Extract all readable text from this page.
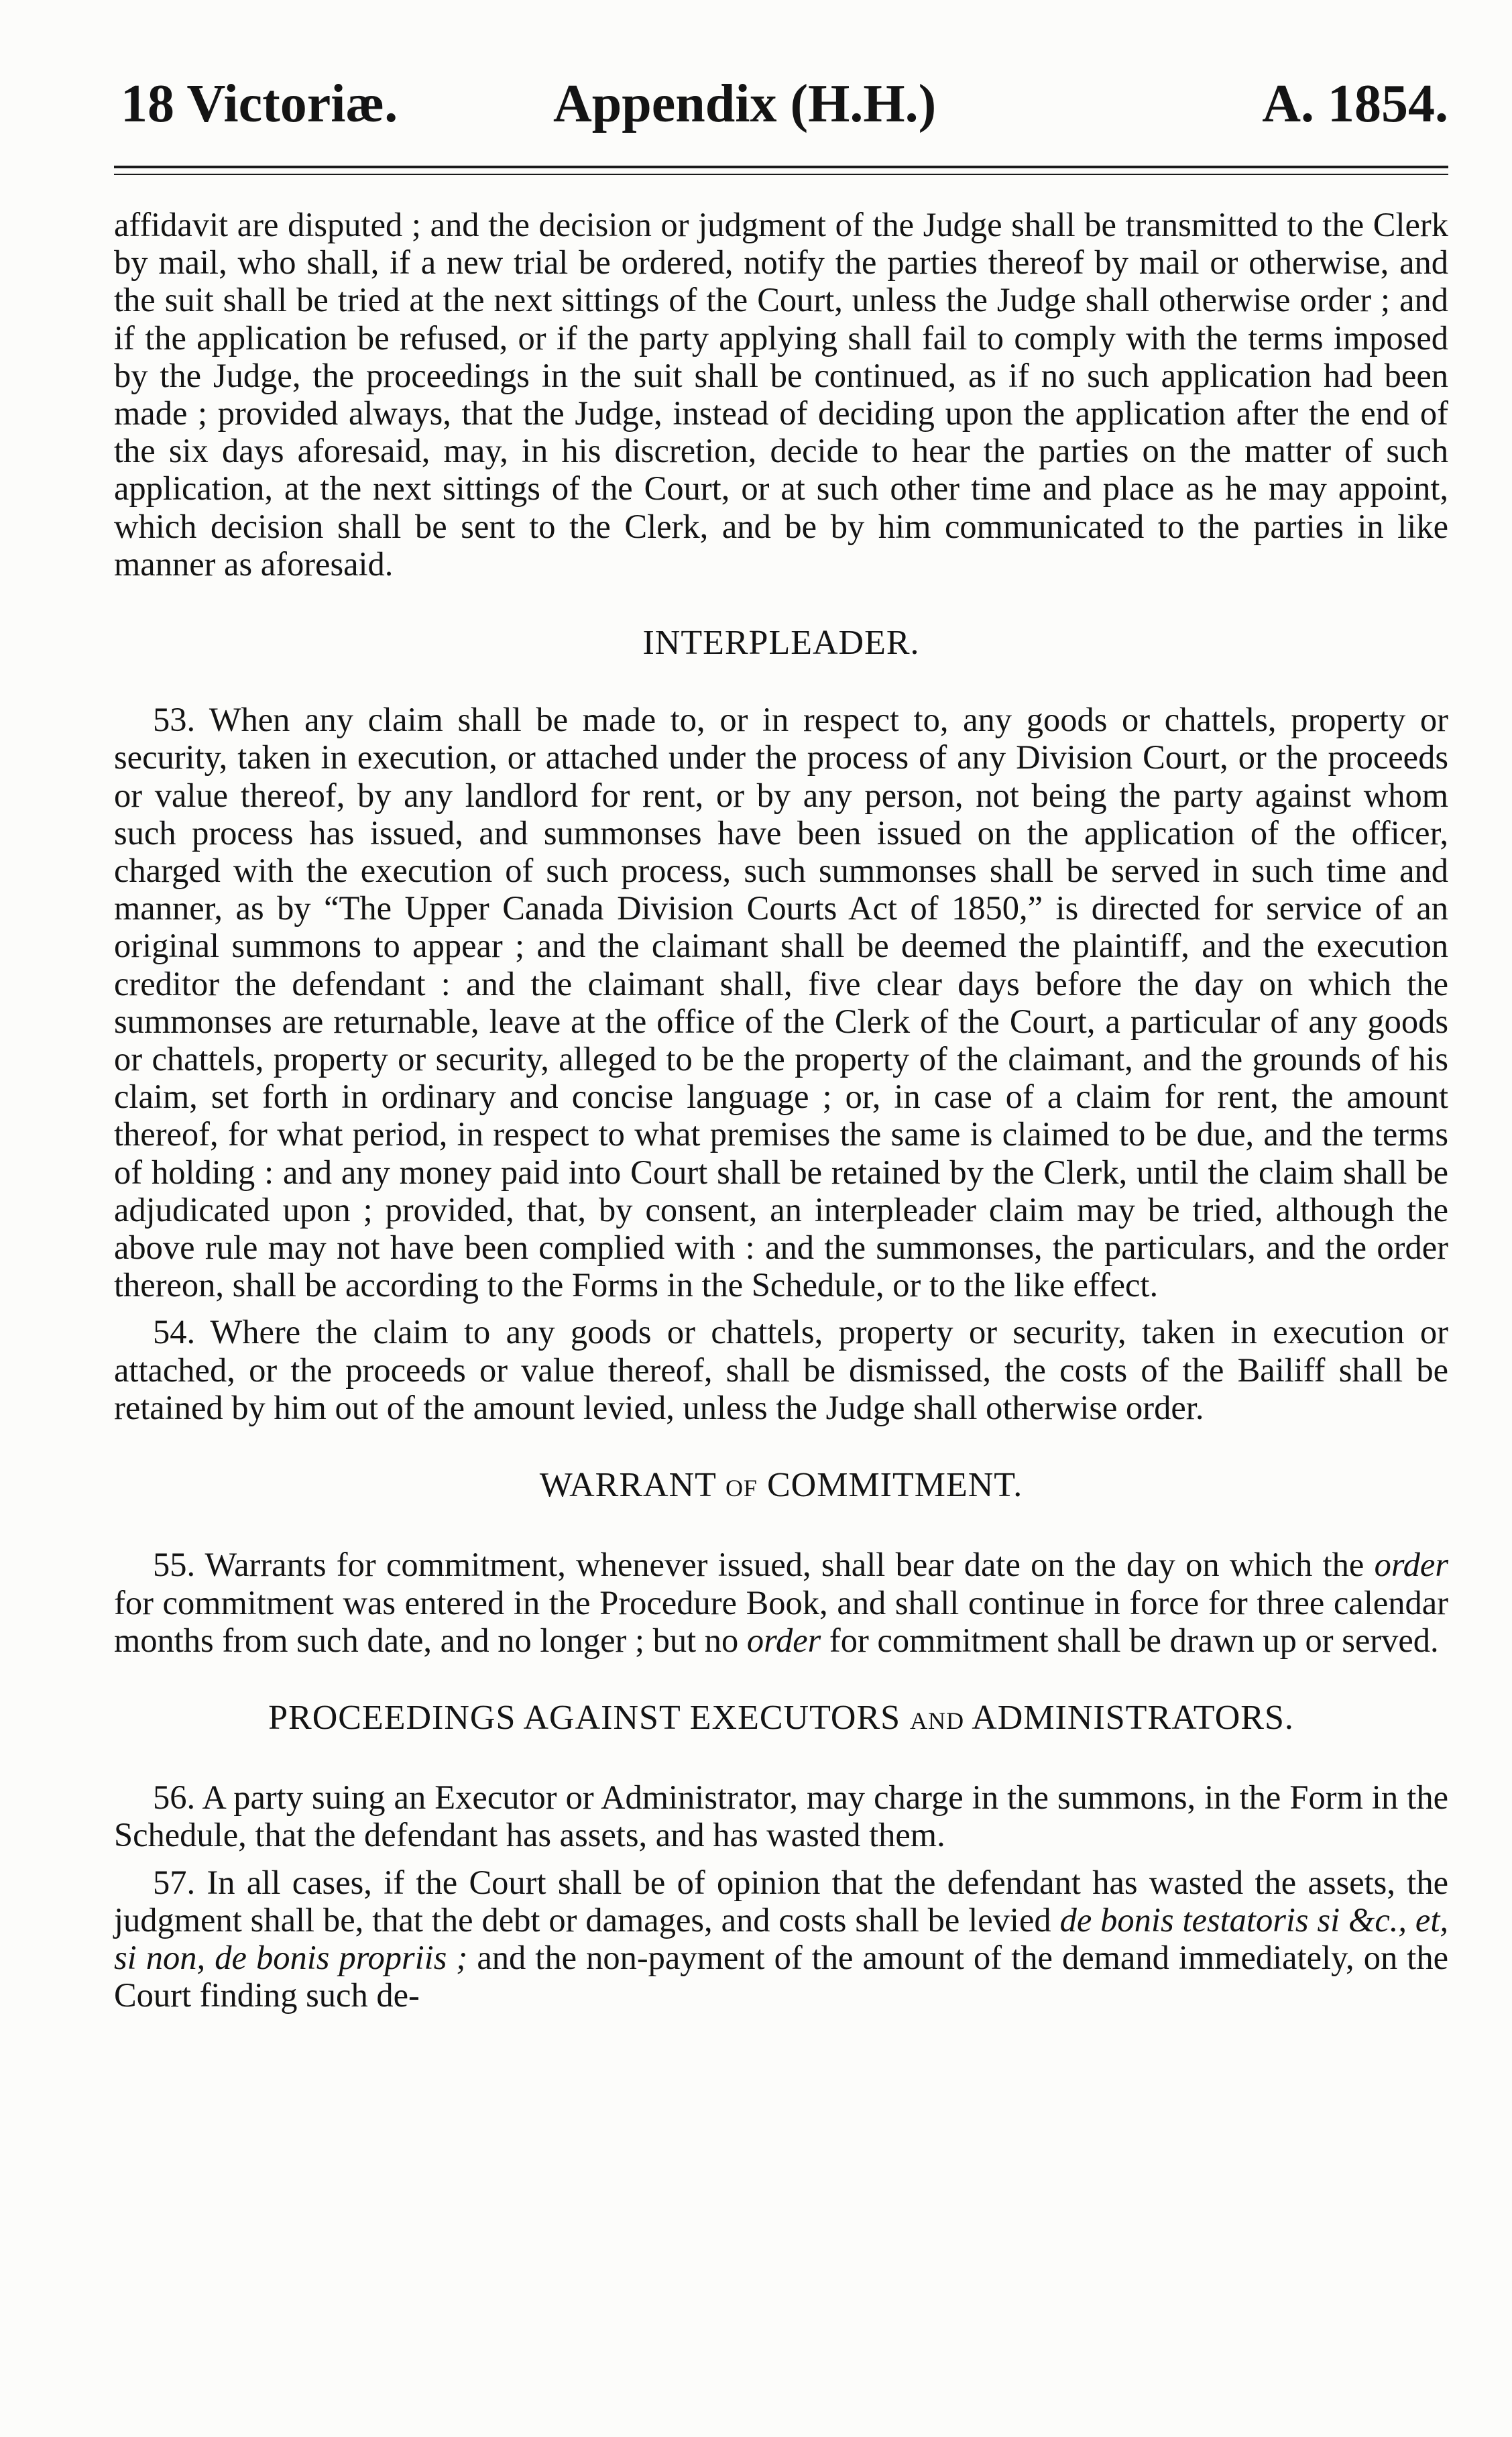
18 Victoriæ.	Appendix (H.H.)	A. 1854.

affidavit are disputed ; and the decision or judgment of the Judge shall be transmitted to the Clerk by mail, who shall, if a new trial be ordered, notify the parties thereof by mail or otherwise, and the suit shall be tried at the next sittings of the Court, unless the Judge shall otherwise order ; and if the application be refused, or if the party applying shall fail to comply with the terms imposed by the Judge, the proceedings in the suit shall be continued, as if no such application had been made ; provided always, that the Judge, instead of deciding upon the application after the end of the six days aforesaid, may, in his discretion, decide to hear the parties on the matter of such application, at the next sittings of the Court, or at such other time and place as he may appoint, which decision shall be sent to the Clerk, and be by him communicated to the parties in like manner as aforesaid.

INTERPLEADER.

53. When any claim shall be made to, or in respect to, any goods or chattels, property or security, taken in execution, or attached under the process of any Division Court, or the proceeds or value thereof, by any landlord for rent, or by any person, not being the party against whom such process has issued, and summonses have been issued on the application of the officer, charged with the execution of such process, such summonses shall be served in such time and manner, as by “The Upper Canada Division Courts Act of 1850,” is directed for service of an original summons to appear ; and the claimant shall be deemed the plaintiff, and the execution creditor the defendant : and the claimant shall, five clear days before the day on which the summonses are returnable, leave at the office of the Clerk of the Court, a particular of any goods or chattels, property or security, alleged to be the property of the claimant, and the grounds of his claim, set forth in ordinary and concise language ; or, in case of a claim for rent, the amount thereof, for what period, in respect to what premises the same is claimed to be due, and the terms of holding : and any money paid into Court shall be retained by the Clerk, until the claim shall be adjudicated upon ; provided, that, by consent, an interpleader claim may be tried, although the above rule may not have been complied with : and the summonses, the particulars, and the order thereon, shall be according to the Forms in the Schedule, or to the like effect.

54. Where the claim to any goods or chattels, property or security, taken in execution or attached, or the proceeds or value thereof, shall be dismissed, the costs of the Bailiff shall be retained by him out of the amount levied, unless the Judge shall otherwise order.

WARRANT OF COMMITMENT.

55. Warrants for commitment, whenever issued, shall bear date on the day on which the order for commitment was entered in the Procedure Book, and shall continue in force for three calendar months from such date, and no longer ; but no order for commitment shall be drawn up or served.

PROCEEDINGS AGAINST EXECUTORS AND ADMINISTRATORS.

56. A party suing an Executor or Administrator, may charge in the summons, in the Form in the Schedule, that the defendant has assets, and has wasted them.

57. In all cases, if the Court shall be of opinion that the defendant has wasted the assets, the judgment shall be, that the debt or damages, and costs shall be levied de bonis testatoris si &c., et, si non, de bonis propriis ; and the non-payment of the amount of the demand immediately, on the Court finding such de-
